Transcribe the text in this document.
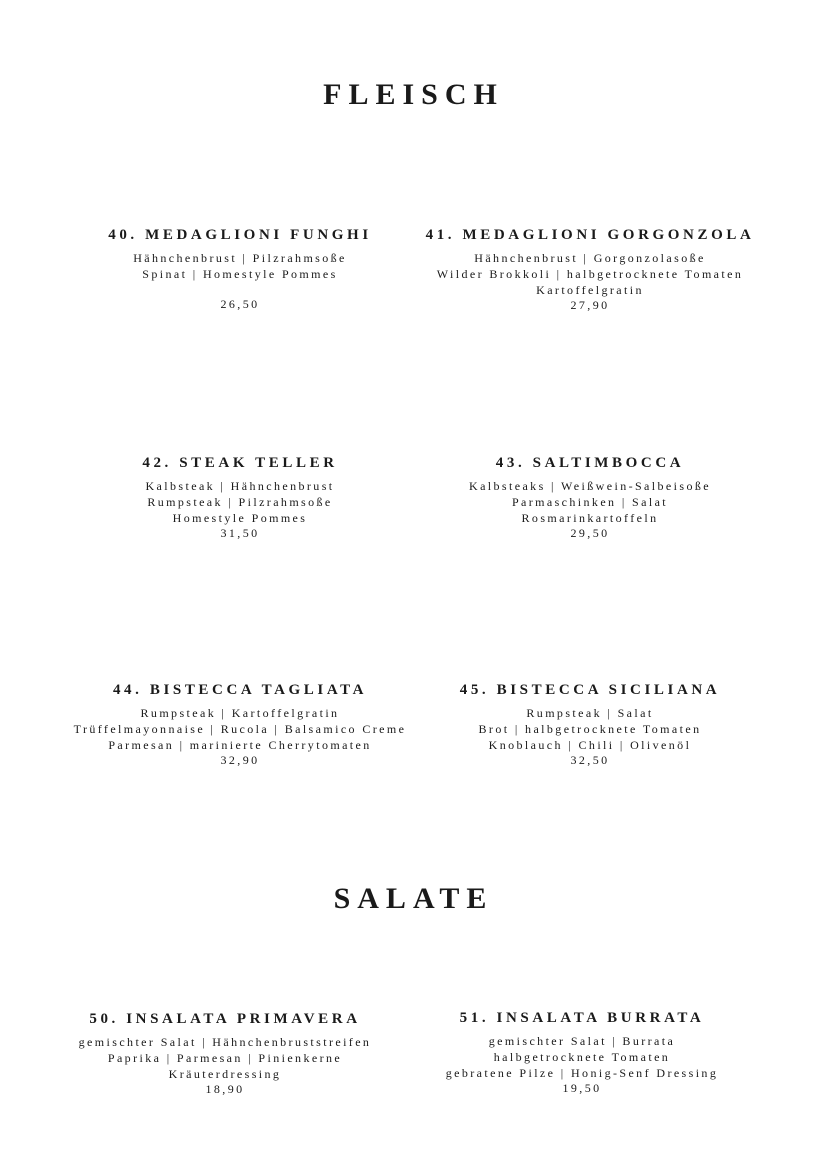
FLEISCH
40. MEDAGLIONI FUNGHI
Hähnchenbrust | Pilzrahmsoße
Spinat | Homestyle Pommes
26,50
41. MEDAGLIONI GORGONZOLA
Hähnchenbrust | Gorgonzolasoße
Wilder Brokkoli | halbgetrocknete Tomaten
Kartoffelgratin
27,90
42. STEAK TELLER
Kalbsteak | Hähnchenbrust
Rumpsteak | Pilzrahmsoße
Homestyle Pommes
31,50
43. SALTIMBOCCA
Kalbsteaks | Weißwein-Salbeisoße
Parmaschinken | Salat
Rosmarinkartoffeln
29,50
44. BISTECCA TAGLIATA
Rumpsteak | Kartoffelgratin
Trüffelmayonnaise | Rucola | Balsamico Creme
Parmesan | marinierte Cherrytomaten
32,90
45. BISTECCA SICILIANA
Rumpsteak | Salat
Brot | halbgetrocknete Tomaten
Knoblauch | Chili | Olivenöl
32,50
SALATE
50. INSALATA PRIMAVERA
gemischter Salat | Hähnchenbruststreifen
Paprika | Parmesan | Pinienkerne
Kräuterdressing
18,90
51. INSALATA BURRATA
gemischter Salat | Burrata
halbgetrocknete Tomaten
gebratene Pilze | Honig-Senf Dressing
19,50
